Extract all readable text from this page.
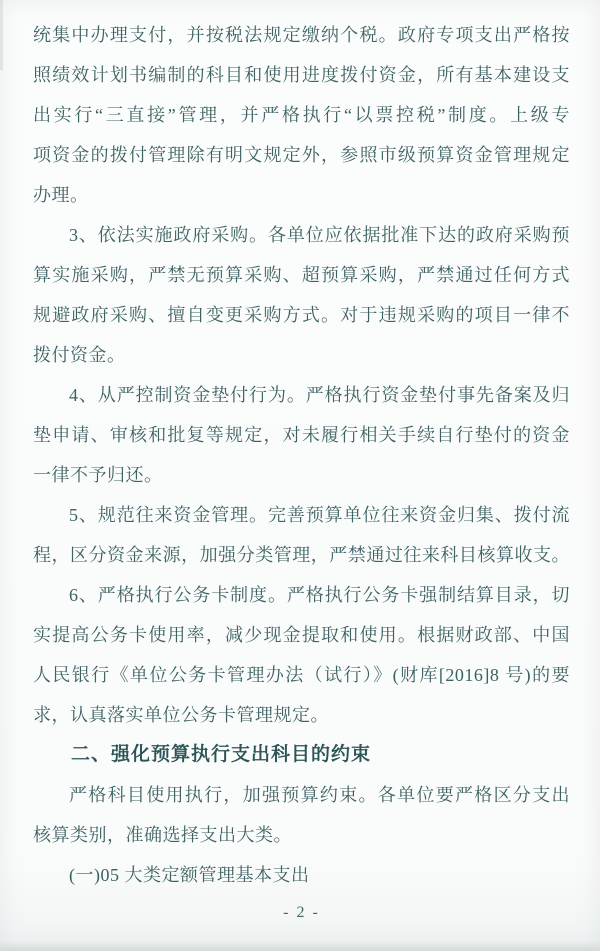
统集中办理支付，并按税法规定缴纳个税。政府专项支出严格按
照绩效计划书编制的科目和使用进度拨付资金，所有基本建设支
出实行“三直接”管理，并严格执行“以票控税”制度。上级专
项资金的拨付管理除有明文规定外，参照市级预算资金管理规定
办理。
3、依法实施政府采购。各单位应依据批准下达的政府采购预
算实施采购，严禁无预算采购、超预算采购，严禁通过任何方式
规避政府采购、擅自变更采购方式。对于违规采购的项目一律不
拨付资金。
4、从严控制资金垫付行为。严格执行资金垫付事先备案及归
垫申请、审核和批复等规定，对未履行相关手续自行垫付的资金
一律不予归还。
5、规范往来资金管理。完善预算单位往来资金归集、拨付流
程，区分资金来源，加强分类管理，严禁通过往来科目核算收支。
6、严格执行公务卡制度。严格执行公务卡强制结算目录，切
实提高公务卡使用率，减少现金提取和使用。根据财政部、中国
人民银行《单位公务卡管理办法（试行）》(财库[2016]8 号)的要
求，认真落实单位公务卡管理规定。
二、强化预算执行支出科目的约束
严格科目使用执行，加强预算约束。各单位要严格区分支出
核算类别，准确选择支出大类。
(一)05 大类定额管理基本支出
- 2 -
